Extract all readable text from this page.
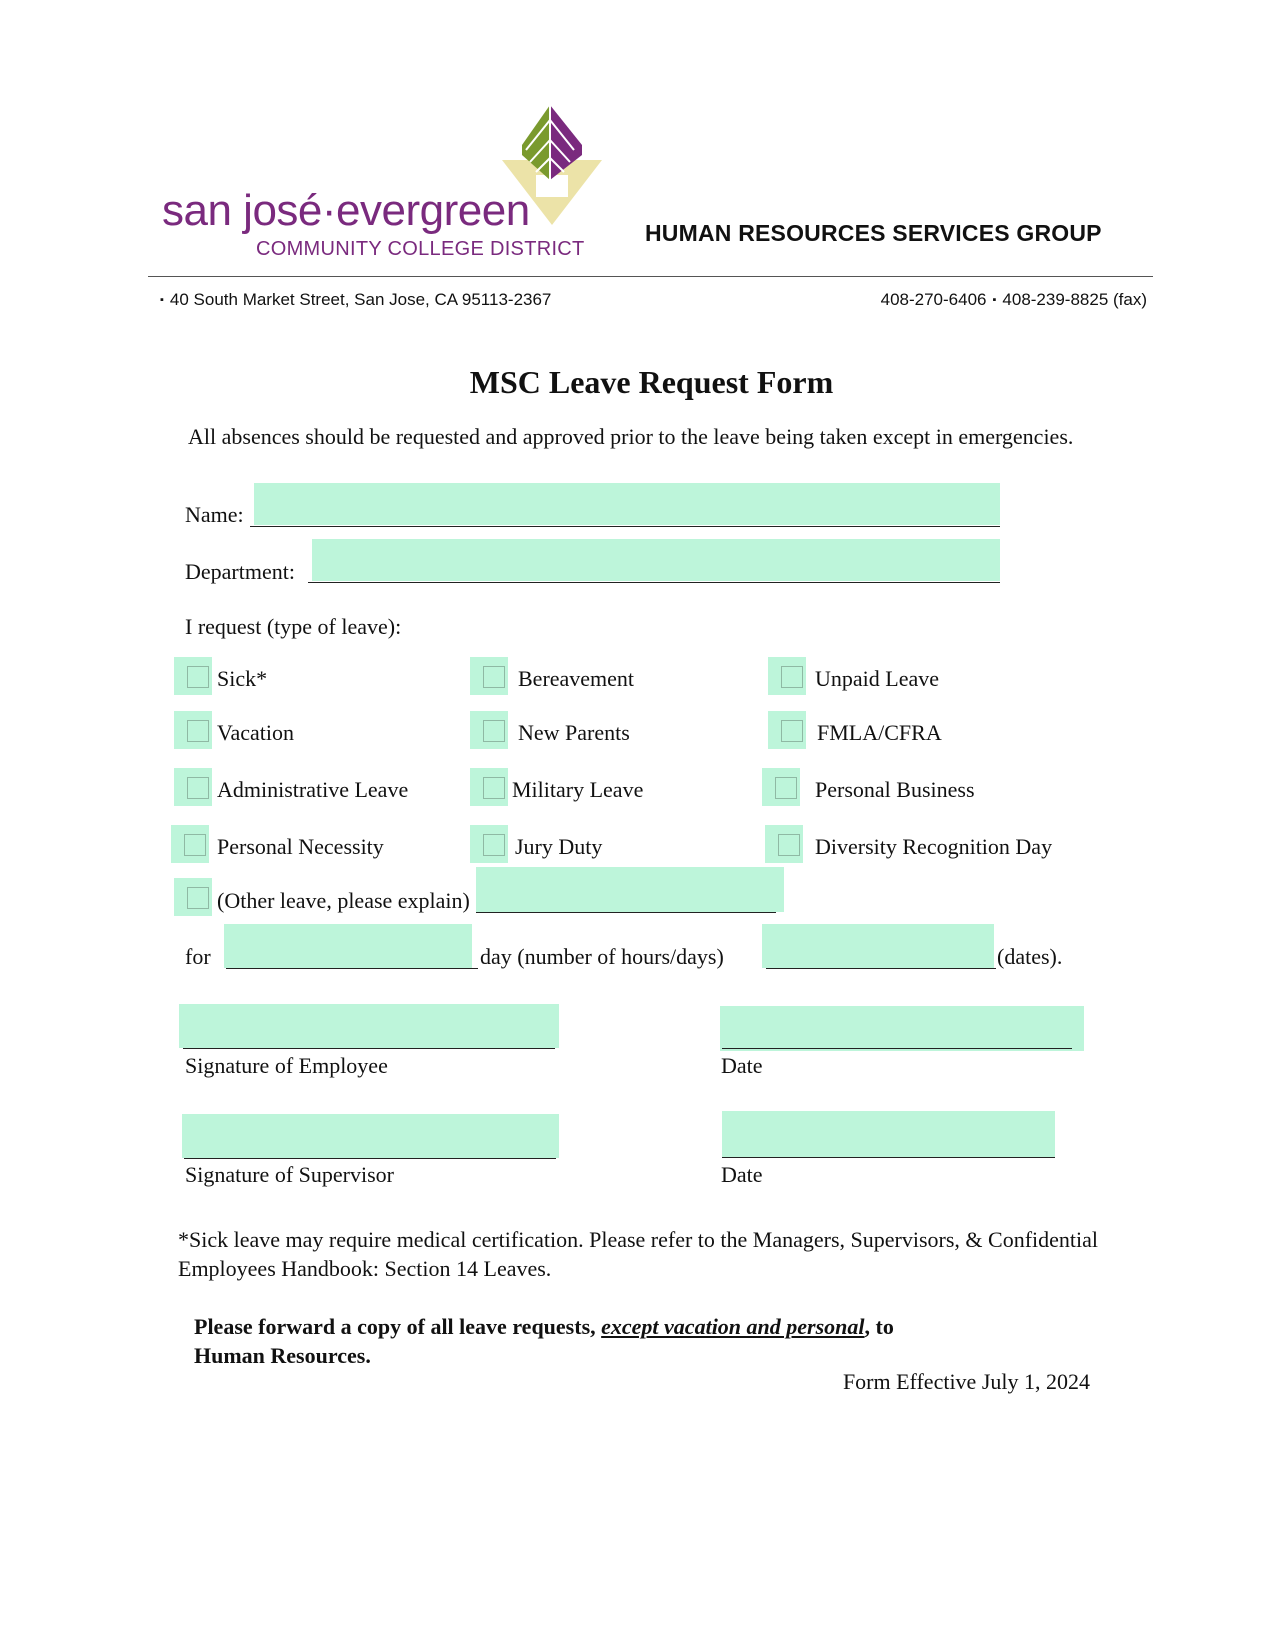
san josé·evergreen
COMMUNITY COLLEGE DISTRICT
HUMAN RESOURCES SERVICES GROUP
▪ 40 South Market Street, San Jose, CA 95113-2367	408-270-6406 ▪ 408-239-8825 (fax)
MSC Leave Request Form
All absences should be requested and approved prior to the leave being taken except in emergencies.
Name:
Department:
I request (type of leave):
Sick*	Bereavement	Unpaid Leave
Vacation	New Parents	FMLA/CFRA
Administrative Leave	Military Leave	Personal Business
Personal Necessity	Jury Duty	Diversity Recognition Day
(Other leave, please explain)
for	day (number of hours/days)	(dates).
Signature of Employee	Date
Signature of Supervisor	Date
*Sick leave may require medical certification. Please refer to the Managers, Supervisors, & Confidential Employees Handbook: Section 14 Leaves.
Please forward a copy of all leave requests, except vacation and personal, to
Human Resources.
Form Effective July 1, 2024
